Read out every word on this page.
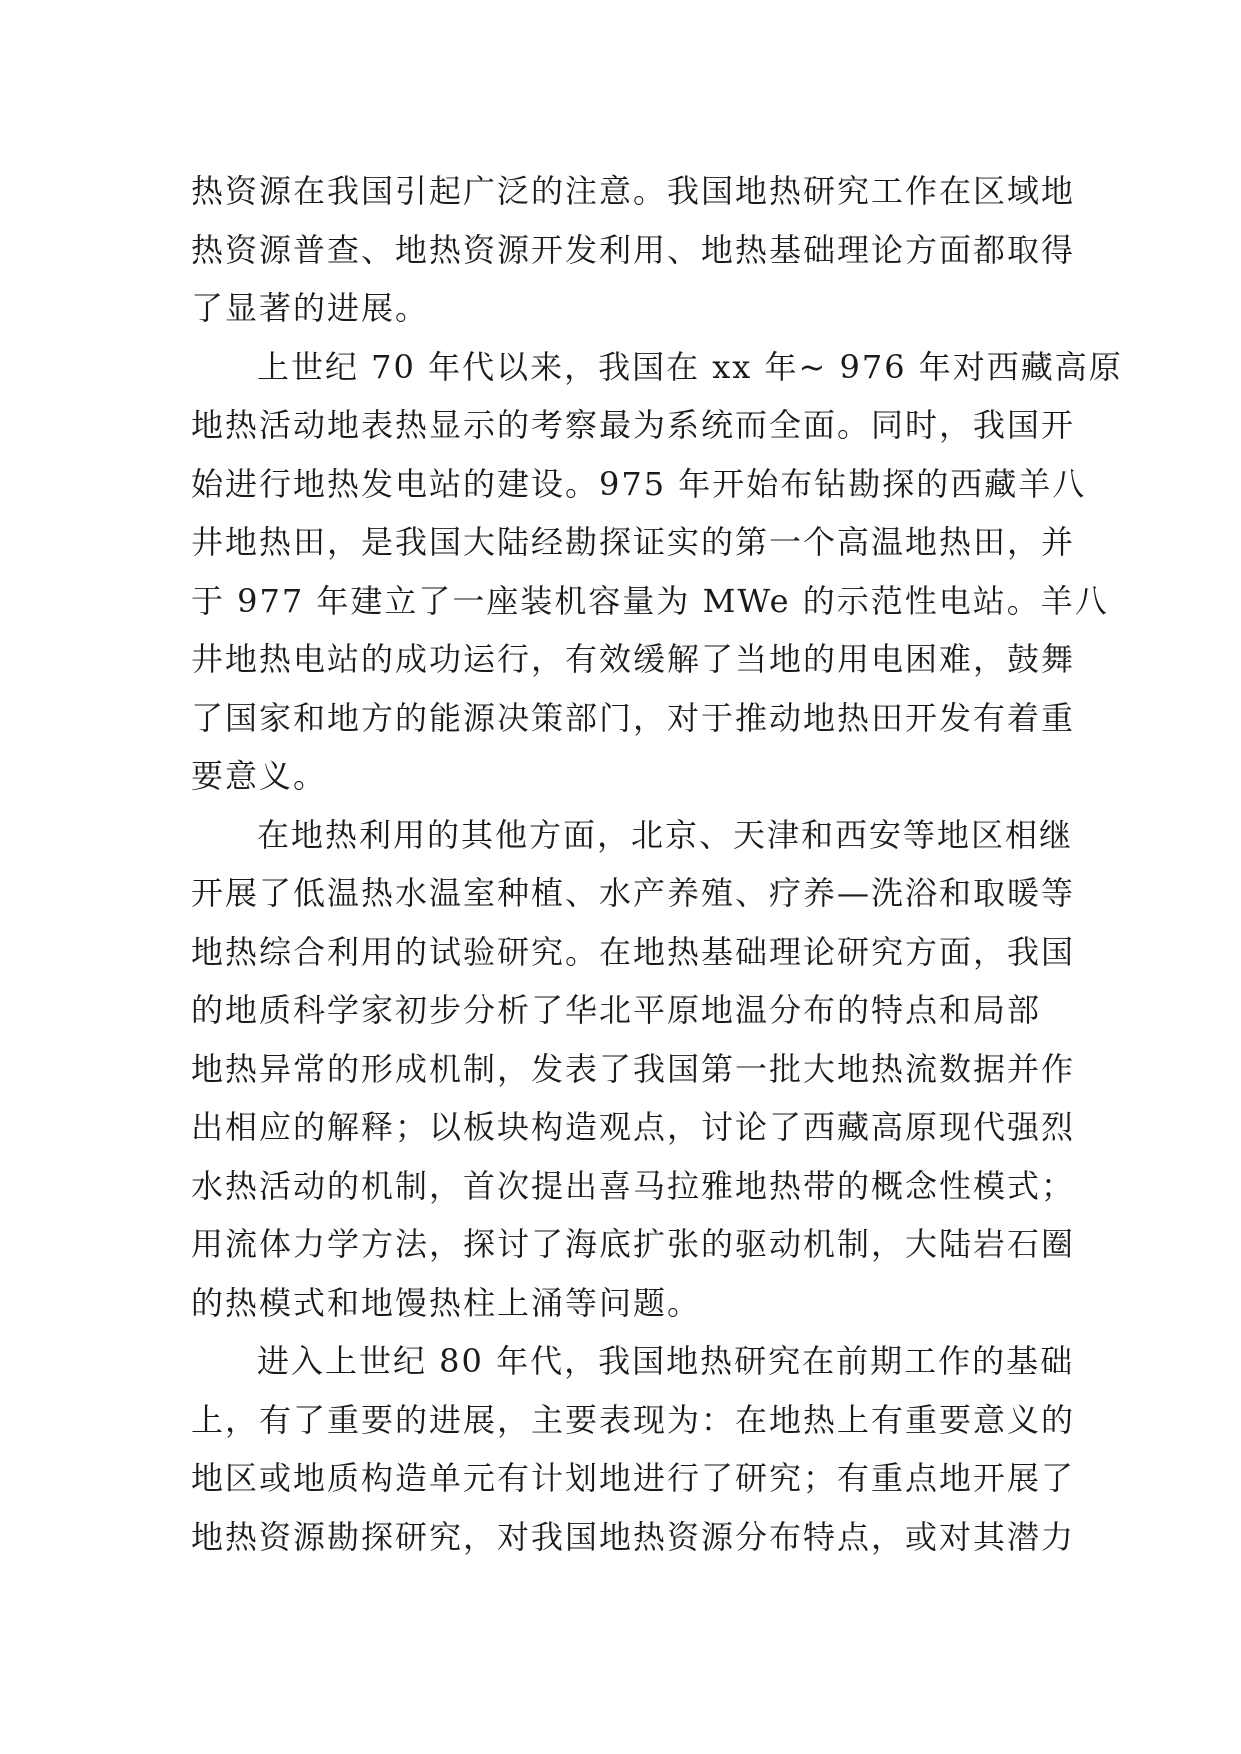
热资源在我国引起广泛的注意。我国地热研究工作在区域地
热资源普查、地热资源开发利用、地热基础理论方面都取得
了显著的进展。
上世纪 70 年代以来，我国在 xx 年~ 976 年对西藏高原
地热活动地表热显示的考察最为系统而全面。同时，我国开
始进行地热发电站的建设。975 年开始布钻勘探的西藏羊八
井地热田，是我国大陆经勘探证实的第一个高温地热田，并
于 977 年建立了一座装机容量为 MWe 的示范性电站。羊八
井地热电站的成功运行，有效缓解了当地的用电困难，鼓舞
了国家和地方的能源决策部门，对于推动地热田开发有着重
要意义。
在地热利用的其他方面，北京、天津和西安等地区相继
开展了低温热水温室种植、水产养殖、疗养—洗浴和取暖等
地热综合利用的试验研究。在地热基础理论研究方面，我国
的地质科学家初步分析了华北平原地温分布的特点和局部
地热异常的形成机制，发表了我国第一批大地热流数据并作
出相应的解释；以板块构造观点，讨论了西藏高原现代强烈
水热活动的机制，首次提出喜马拉雅地热带的概念性模式；
用流体力学方法，探讨了海底扩张的驱动机制，大陆岩石圈
的热模式和地馒热柱上涌等问题。
进入上世纪 80 年代，我国地热研究在前期工作的基础
上，有了重要的进展，主要表现为：在地热上有重要意义的
地区或地质构造单元有计划地进行了研究；有重点地开展了
地热资源勘探研究，对我国地热资源分布特点，或对其潜力
